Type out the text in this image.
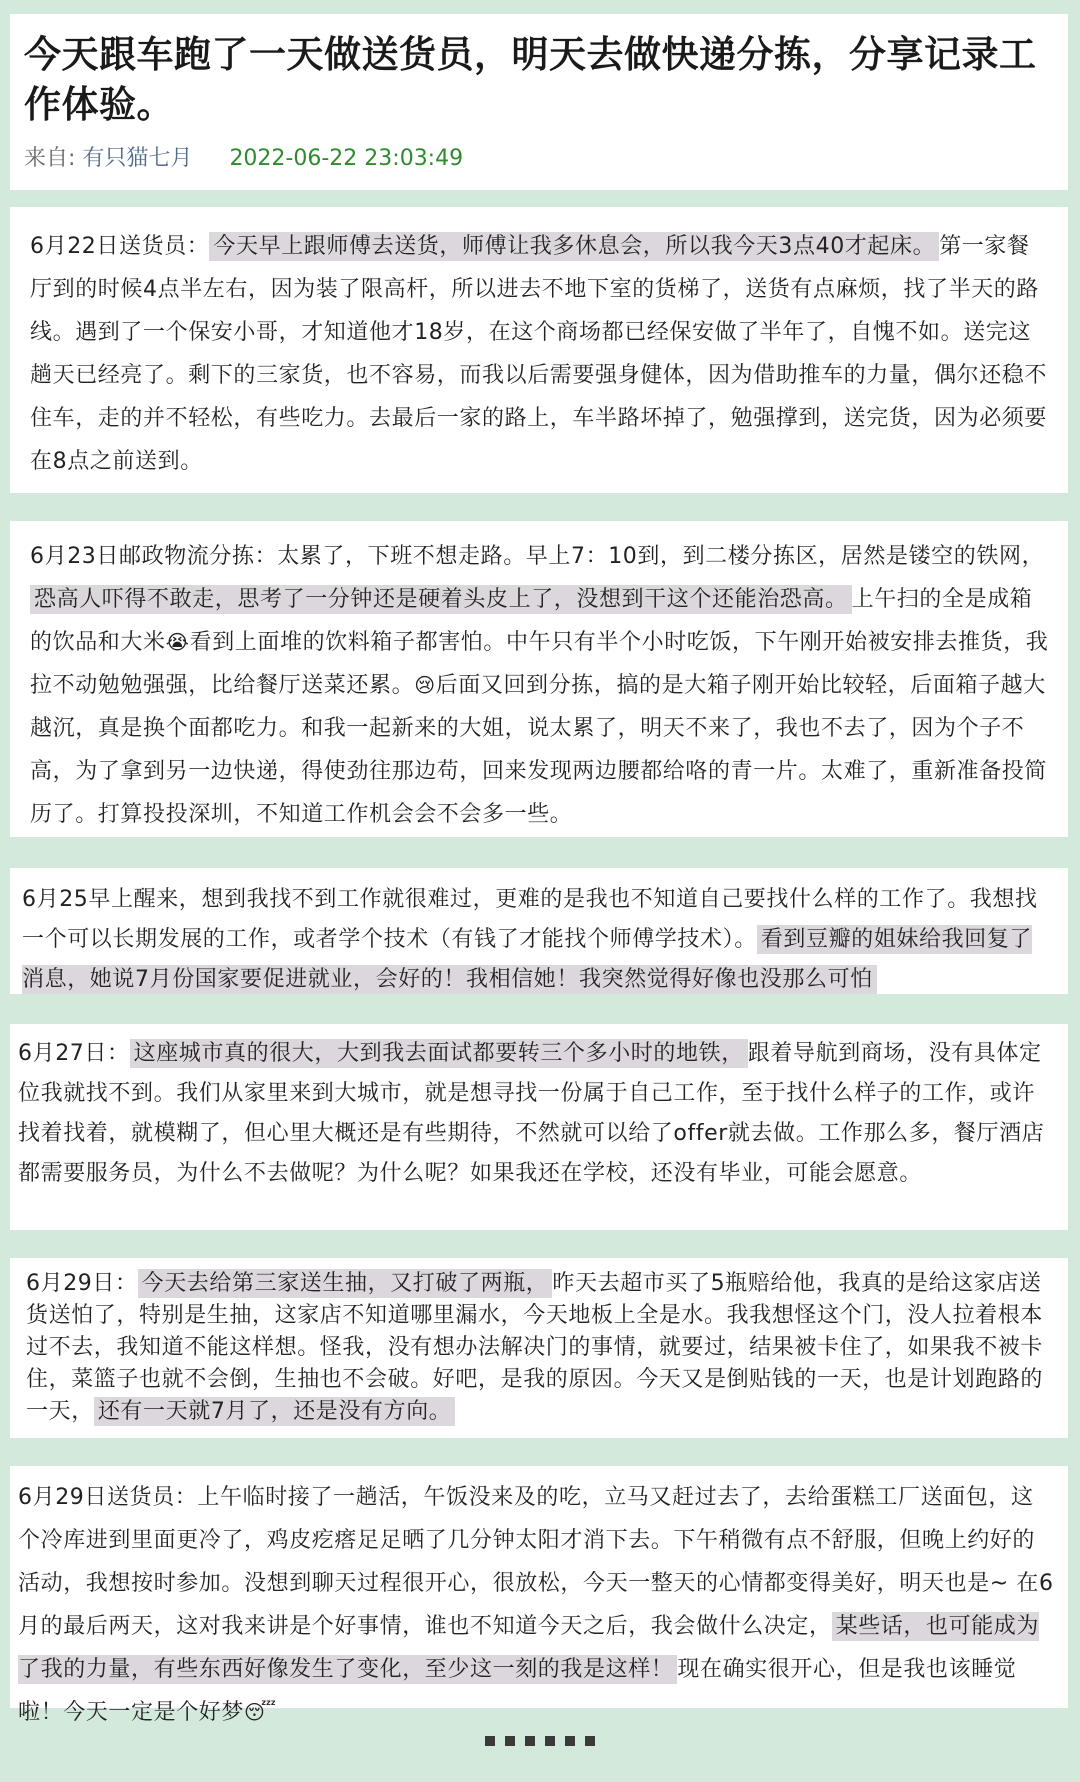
今天跟车跑了一天做送货员，明天去做快递分拣，分享记录工作体验。
来自: 有只猫七月 2022-06-22 23:03:49

6月22日送货员： 今天早上跟师傅去送货，师傅让我多休息会，所以我今天3点40才起床。 第一家餐厅到的时候4点半左右，因为装了限高杆，所以进去不地下室的货梯了，送货有点麻烦，找了半天的路线。遇到了一个保安小哥，才知道他才18岁，在这个商场都已经保安做了半年了，自愧不如。送完这趟天已经亮了。剩下的三家货，也不容易，而我以后需要强身健体，因为借助推车的力量，偶尔还稳不住车，走的并不轻松，有些吃力。去最后一家的路上，车半路坏掉了，勉强撑到，送完货，因为必须要在8点之前送到。

6月23日邮政物流分拣：太累了，下班不想走路。早上7：10到，到二楼分拣区，居然是镂空的铁网，恐高人吓得不敢走，思考了一分钟还是硬着头皮上了，没想到干这个还能治恐高。 上午扫的全是成箱的饮品和大米😭看到上面堆的饮料箱子都害怕。中午只有半个小时吃饭，下午刚开始被安排去推货，我拉不动勉勉强强，比给餐厅送菜还累。😢后面又回到分拣，搞的是大箱子刚开始比较轻，后面箱子越大越沉，真是换个面都吃力。和我一起新来的大姐，说太累了，明天不来了，我也不去了，因为个子不高，为了拿到另一边快递，得使劲往那边苟，回来发现两边腰都给咯的青一片。太难了，重新准备投简历了。打算投投深圳，不知道工作机会会不会多一些。

6月25早上醒来，想到我找不到工作就很难过，更难的是我也不知道自己要找什么样的工作了。我想找一个可以长期发展的工作，或者学个技术（有钱了才能找个师傅学技术）。 看到豆瓣的姐妹给我回复了消息，她说7月份国家要促进就业，会好的！我相信她！我突然觉得好像也没那么可怕

6月27日： 这座城市真的很大，大到我去面试都要转三个多小时的地铁， 跟着导航到商场，没有具体定位我就找不到。我们从家里来到大城市，就是想寻找一份属于自己工作，至于找什么样子的工作，或许找着找着，就模糊了，但心里大概还是有些期待，不然就可以给了offer就去做。工作那么多，餐厅酒店都需要服务员，为什么不去做呢？为什么呢？如果我还在学校，还没有毕业，可能会愿意。

6月29日： 今天去给第三家送生抽，又打破了两瓶， 昨天去超市买了5瓶赔给他，我真的是给这家店送货送怕了，特别是生抽，这家店不知道哪里漏水，今天地板上全是水。我我想怪这个门，没人拉着根本过不去，我知道不能这样想。怪我，没有想办法解决门的事情，就要过，结果被卡住了，如果我不被卡住，菜篮子也就不会倒，生抽也不会破。好吧，是我的原因。今天又是倒贴钱的一天，也是计划跑路的一天， 还有一天就7月了，还是没有方向。

6月29日送货员：上午临时接了一趟活，午饭没来及的吃，立马又赶过去了，去给蛋糕工厂送面包，这个冷库进到里面更冷了，鸡皮疙瘩足足晒了几分钟太阳才消下去。下午稍微有点不舒服，但晚上约好的活动，我想按时参加。没想到聊天过程很开心，很放松，今天一整天的心情都变得美好，明天也是~ 在6月的最后两天，这对我来讲是个好事情，谁也不知道今天之后，我会做什么决定， 某些话，也可能成为了我的力量，有些东西好像发生了变化，至少这一刻的我是这样！ 现在确实很开心，但是我也该睡觉啦！今天一定是个好梦😴
